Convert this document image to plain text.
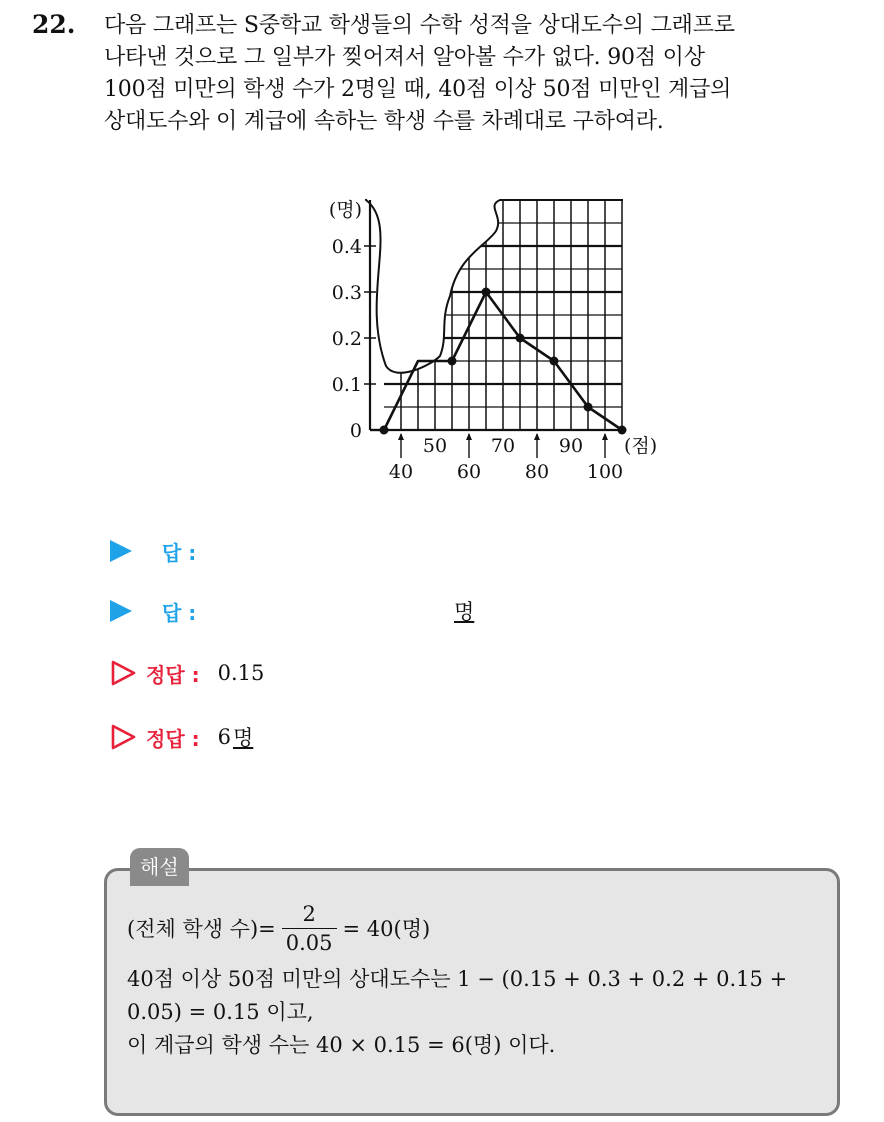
22. 다음 그래프는 S중학교 학생들의 수학 성적을 상대도수의 그래프로
나타낸 것으로 그 일부가 찢어져서 알아볼 수가 없다. 90점 이상
100점 미만의 학생 수가 2명일 때, 40점 이상 50점 미만인 계급의
상대도수와 이 계급에 속하는 학생 수를 차례대로 구하여라.
0
0.1
0.2
0.3
0.4
(명)
50 70 90
40 60 80 100
(점)
답 :
답 :	명
정답 : 0.15
정답 : 6 명
해설
(전체 학생 수)= $\frac{2}{0.05} = 40$(명)
40점 이상 50점 미만의 상대도수는 1 − (0.15 + 0.3 + 0.2 + 0.15 +
0.05) = 0.15 이고,
이 계급의 학생 수는 40 × 0.15 = 6(명) 이다.
